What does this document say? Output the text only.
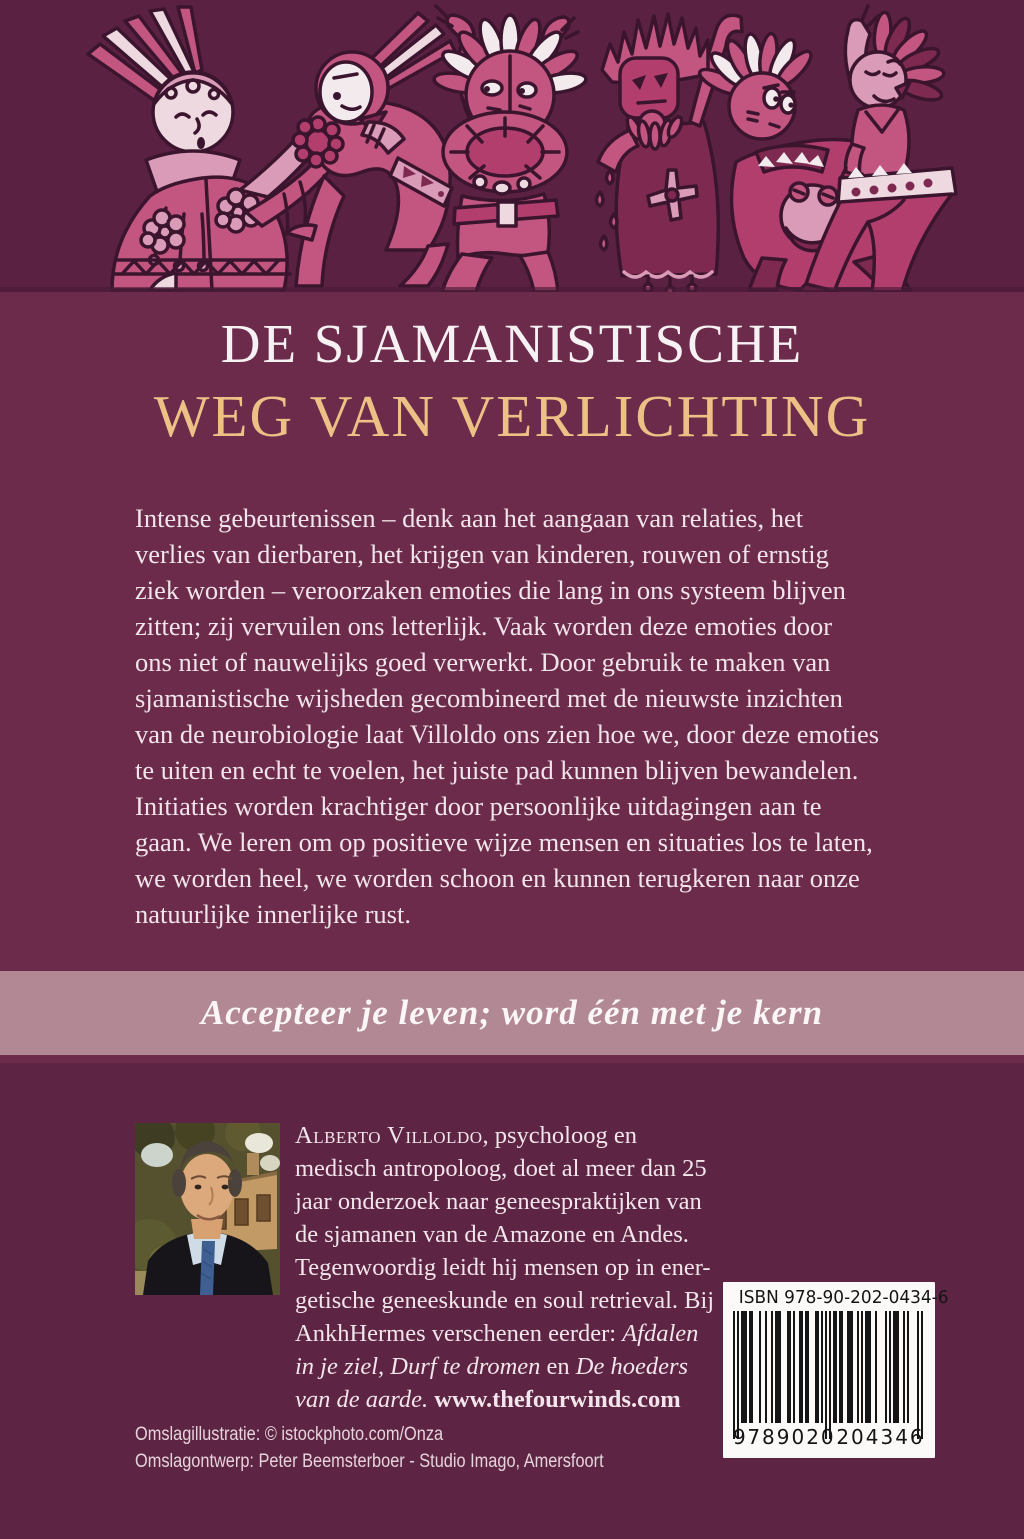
DE SJAMANISTISCHE
WEG VAN VERLICHTING
Intense gebeurtenissen – denk aan het aangaan van relaties, het
verlies van dierbaren, het krijgen van kinderen, rouwen of ernstig
ziek worden – veroorzaken emoties die lang in ons systeem blijven
zitten; zij vervuilen ons letterlijk. Vaak worden deze emoties door
ons niet of nauwelijks goed verwerkt. Door gebruik te maken van
sjamanistische wijsheden gecombineerd met de nieuwste inzichten
van de neurobiologie laat Villoldo ons zien hoe we, door deze emoties
te uiten en echt te voelen, het juiste pad kunnen blijven bewandelen.
Initiaties worden krachtiger door persoonlijke uitdagingen aan te
gaan. We leren om op positieve wijze mensen en situaties los te laten,
we worden heel, we worden schoon en kunnen terugkeren naar onze
natuurlijke innerlijke rust.
Accepteer je leven; word één met je kern
Alberto Villoldo, psycholoog en
medisch antropoloog, doet al meer dan 25
jaar onderzoek naar geneespraktijken van
de sjamanen van de Amazone en Andes.
Tegenwoordig leidt hij mensen op in ener-
getische geneeskunde en soul retrieval. Bij
AnkhHermes verschenen eerder: Afdalen
in je ziel, Durf te dromen en De hoeders
van de aarde. www.thefourwinds.com
ISBN 978-90-202-0434-6
9 789020 204346
Omslagillustratie: © istockphoto.com/Onza
Omslagontwerp: Peter Beemsterboer - Studio Imago, Amersfoort
